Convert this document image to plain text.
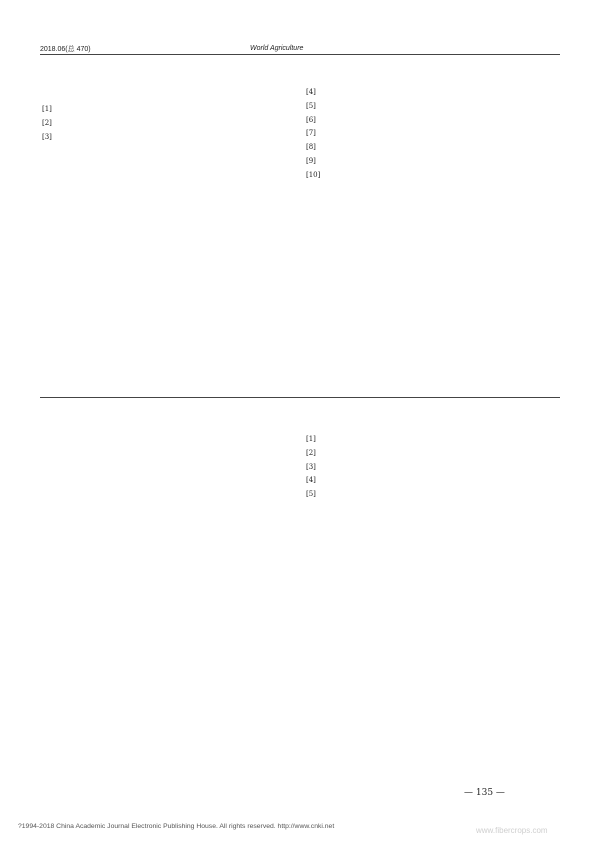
2018.06(总 470)	World Agriculture

[1]
[2]
[3]
[4]
[5]
[6]
[7]
[8]
[9]
[10]

[1]
[2]
[3]
[4]
[5]
— 135 —
?1994-2018 China Academic Journal Electronic Publishing House. All rights reserved. http://www.cnki.net	www.fibercrops.com
